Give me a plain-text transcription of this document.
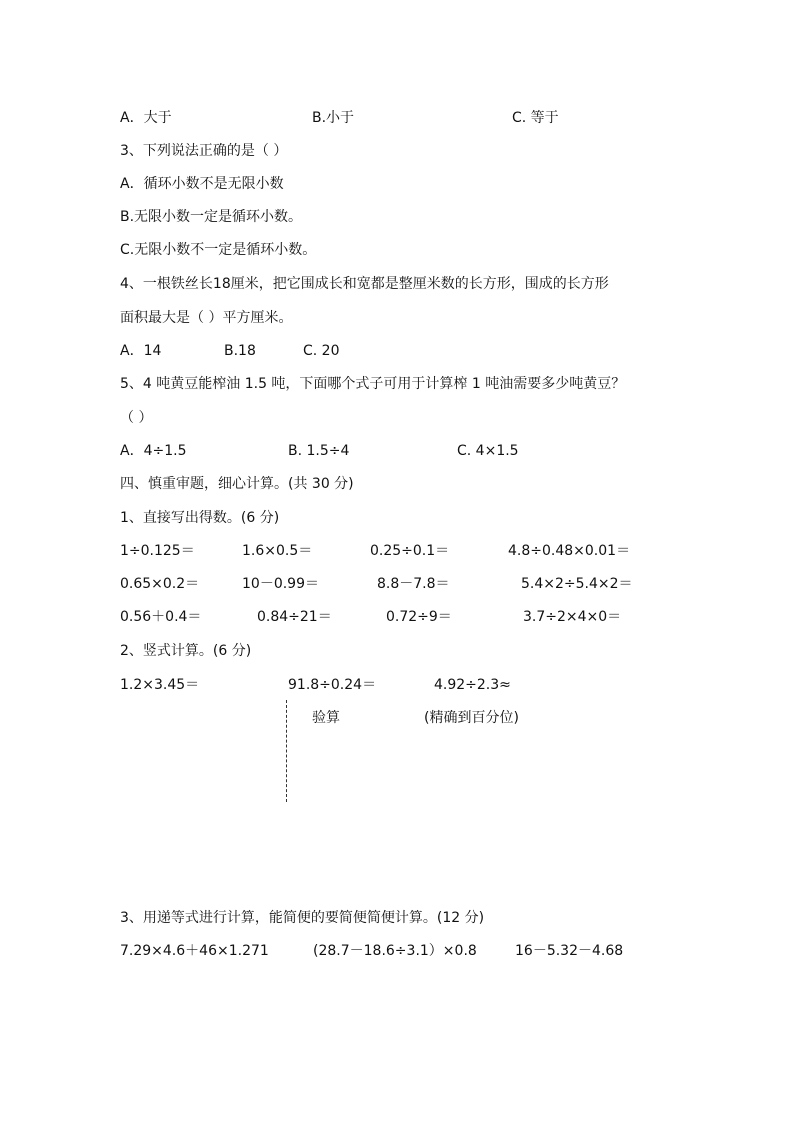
A．大于	B.小于	C. 等于
3、下列说法正确的是（ ）
A．循环小数不是无限小数
B.无限小数一定是循环小数。
C.无限小数不一定是循环小数。
4、一根铁丝长18厘米，把它围成长和宽都是整厘米数的长方形，围成的长方形
面积最大是（ ）平方厘米。
A．14	B.18	C. 20
5、4 吨黄豆能榨油 1.5 吨，下面哪个式子可用于计算榨 1 吨油需要多少吨黄豆？
（ ）
A．4÷1.5	B. 1.5÷4	C. 4×1.5
四、慎重审题，细心计算。(共 30 分)
1、直接写出得数。(6 分)
1÷0.125＝	1.6×0.5＝	0.25÷0.1＝	4.8÷0.48×0.01＝
0.65×0.2＝	10－0.99＝	8.8－7.8＝	5.4×2÷5.4×2＝
0.56＋0.4＝	0.84÷21＝	0.72÷9＝	3.7÷2×4×0＝
2、竖式计算。(6 分)
1.2×3.45＝	91.8÷0.24＝	4.92÷2.3≈
验算	(精确到百分位)
3、用递等式进行计算，能简便的要简便简便计算。(12 分)
7.29×4.6＋46×1.271	(28.7－18.6÷3.1）×0.8	16－5.32－4.68
